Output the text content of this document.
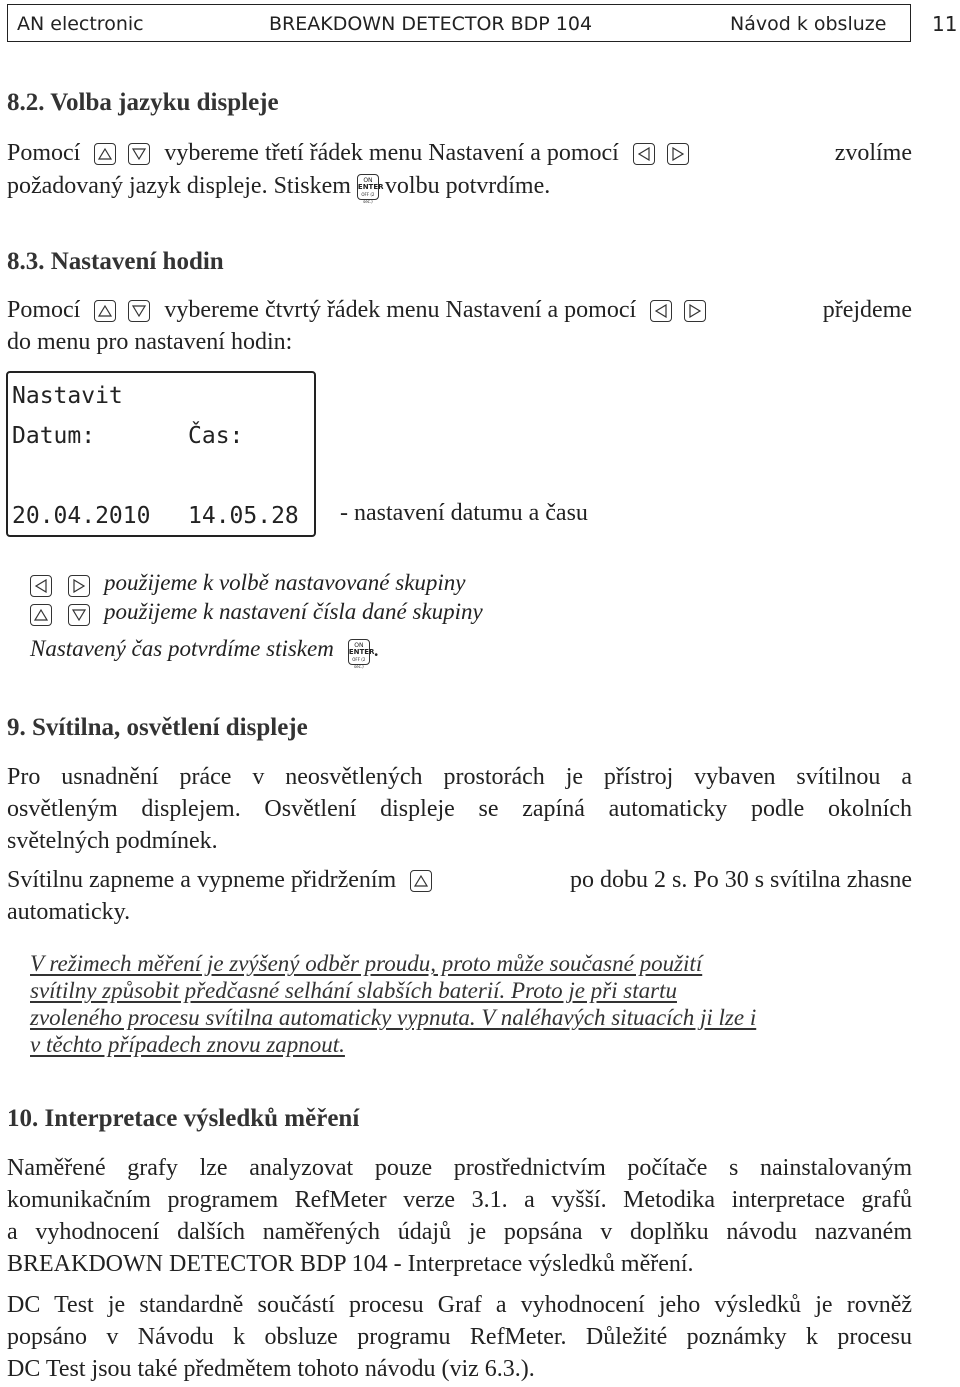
AN electronic	BREAKDOWN DETECTOR BDP 104	Návod k obsluze 11
8.2. Volba jazyku displeje
Pomocí
	vybereme třetí řádek menu Nastavení a pomocí
	zvolíme
požadovaný jazyk displeje. Stiskem ON
ENTER
OFF (2 sec.) volbu potvrdíme.
8.3. Nastavení hodin
Pomocí
	vybereme čtvrtý řádek menu Nastavení a pomocí
	přejdeme
do menu pro nastavení hodin:
Nastavit
Datum:	Čas:
20.04.2010 14.05.28 - nastavení datumu a času

použijeme k volbě nastavované skupiny

použijeme k nastavení čísla dané skupiny
Nastavený čas potvrdíme stiskem	ON
ENTER
OFF (2 sec.) .
9. Svítilna, osvětlení displeje
Pro usnadnění práce v neosvětlených prostorách je přístroj vybaven svítilnou a
osvětleným displejem. Osvětlení displeje se zapíná automaticky podle okolních
světelných podmínek.
Svítilnu zapneme a vypneme přidržením	po dobu 2 s. Po 30 s svítilna zhasne
automaticky.
V režimech měření je zvýšený odběr proudu, proto může současné použití
svítilny způsobit předčasné selhání slabších baterií. Proto je při startu
zvoleného procesu svítilna automaticky vypnuta. V naléhavých situacích ji lze i
v těchto případech znovu zapnout.
10. Interpretace výsledků měření
Naměřené grafy lze analyzovat pouze prostřednictvím počítače s nainstalovaným
komunikačním programem RefMeter verze 3.1. a vyšší. Metodika interpretace grafů
a vyhodnocení dalších naměřených údajů je popsána v doplňku návodu nazvaném
BREAKDOWN DETECTOR BDP 104 - Interpretace výsledků měření.
DC Test je standardně součástí procesu Graf a vyhodnocení jeho výsledků je rovněž
popsáno v Návodu k obsluze programu RefMeter. Důležité poznámky k procesu
DC Test jsou také předmětem tohoto návodu (viz 6.3.).
